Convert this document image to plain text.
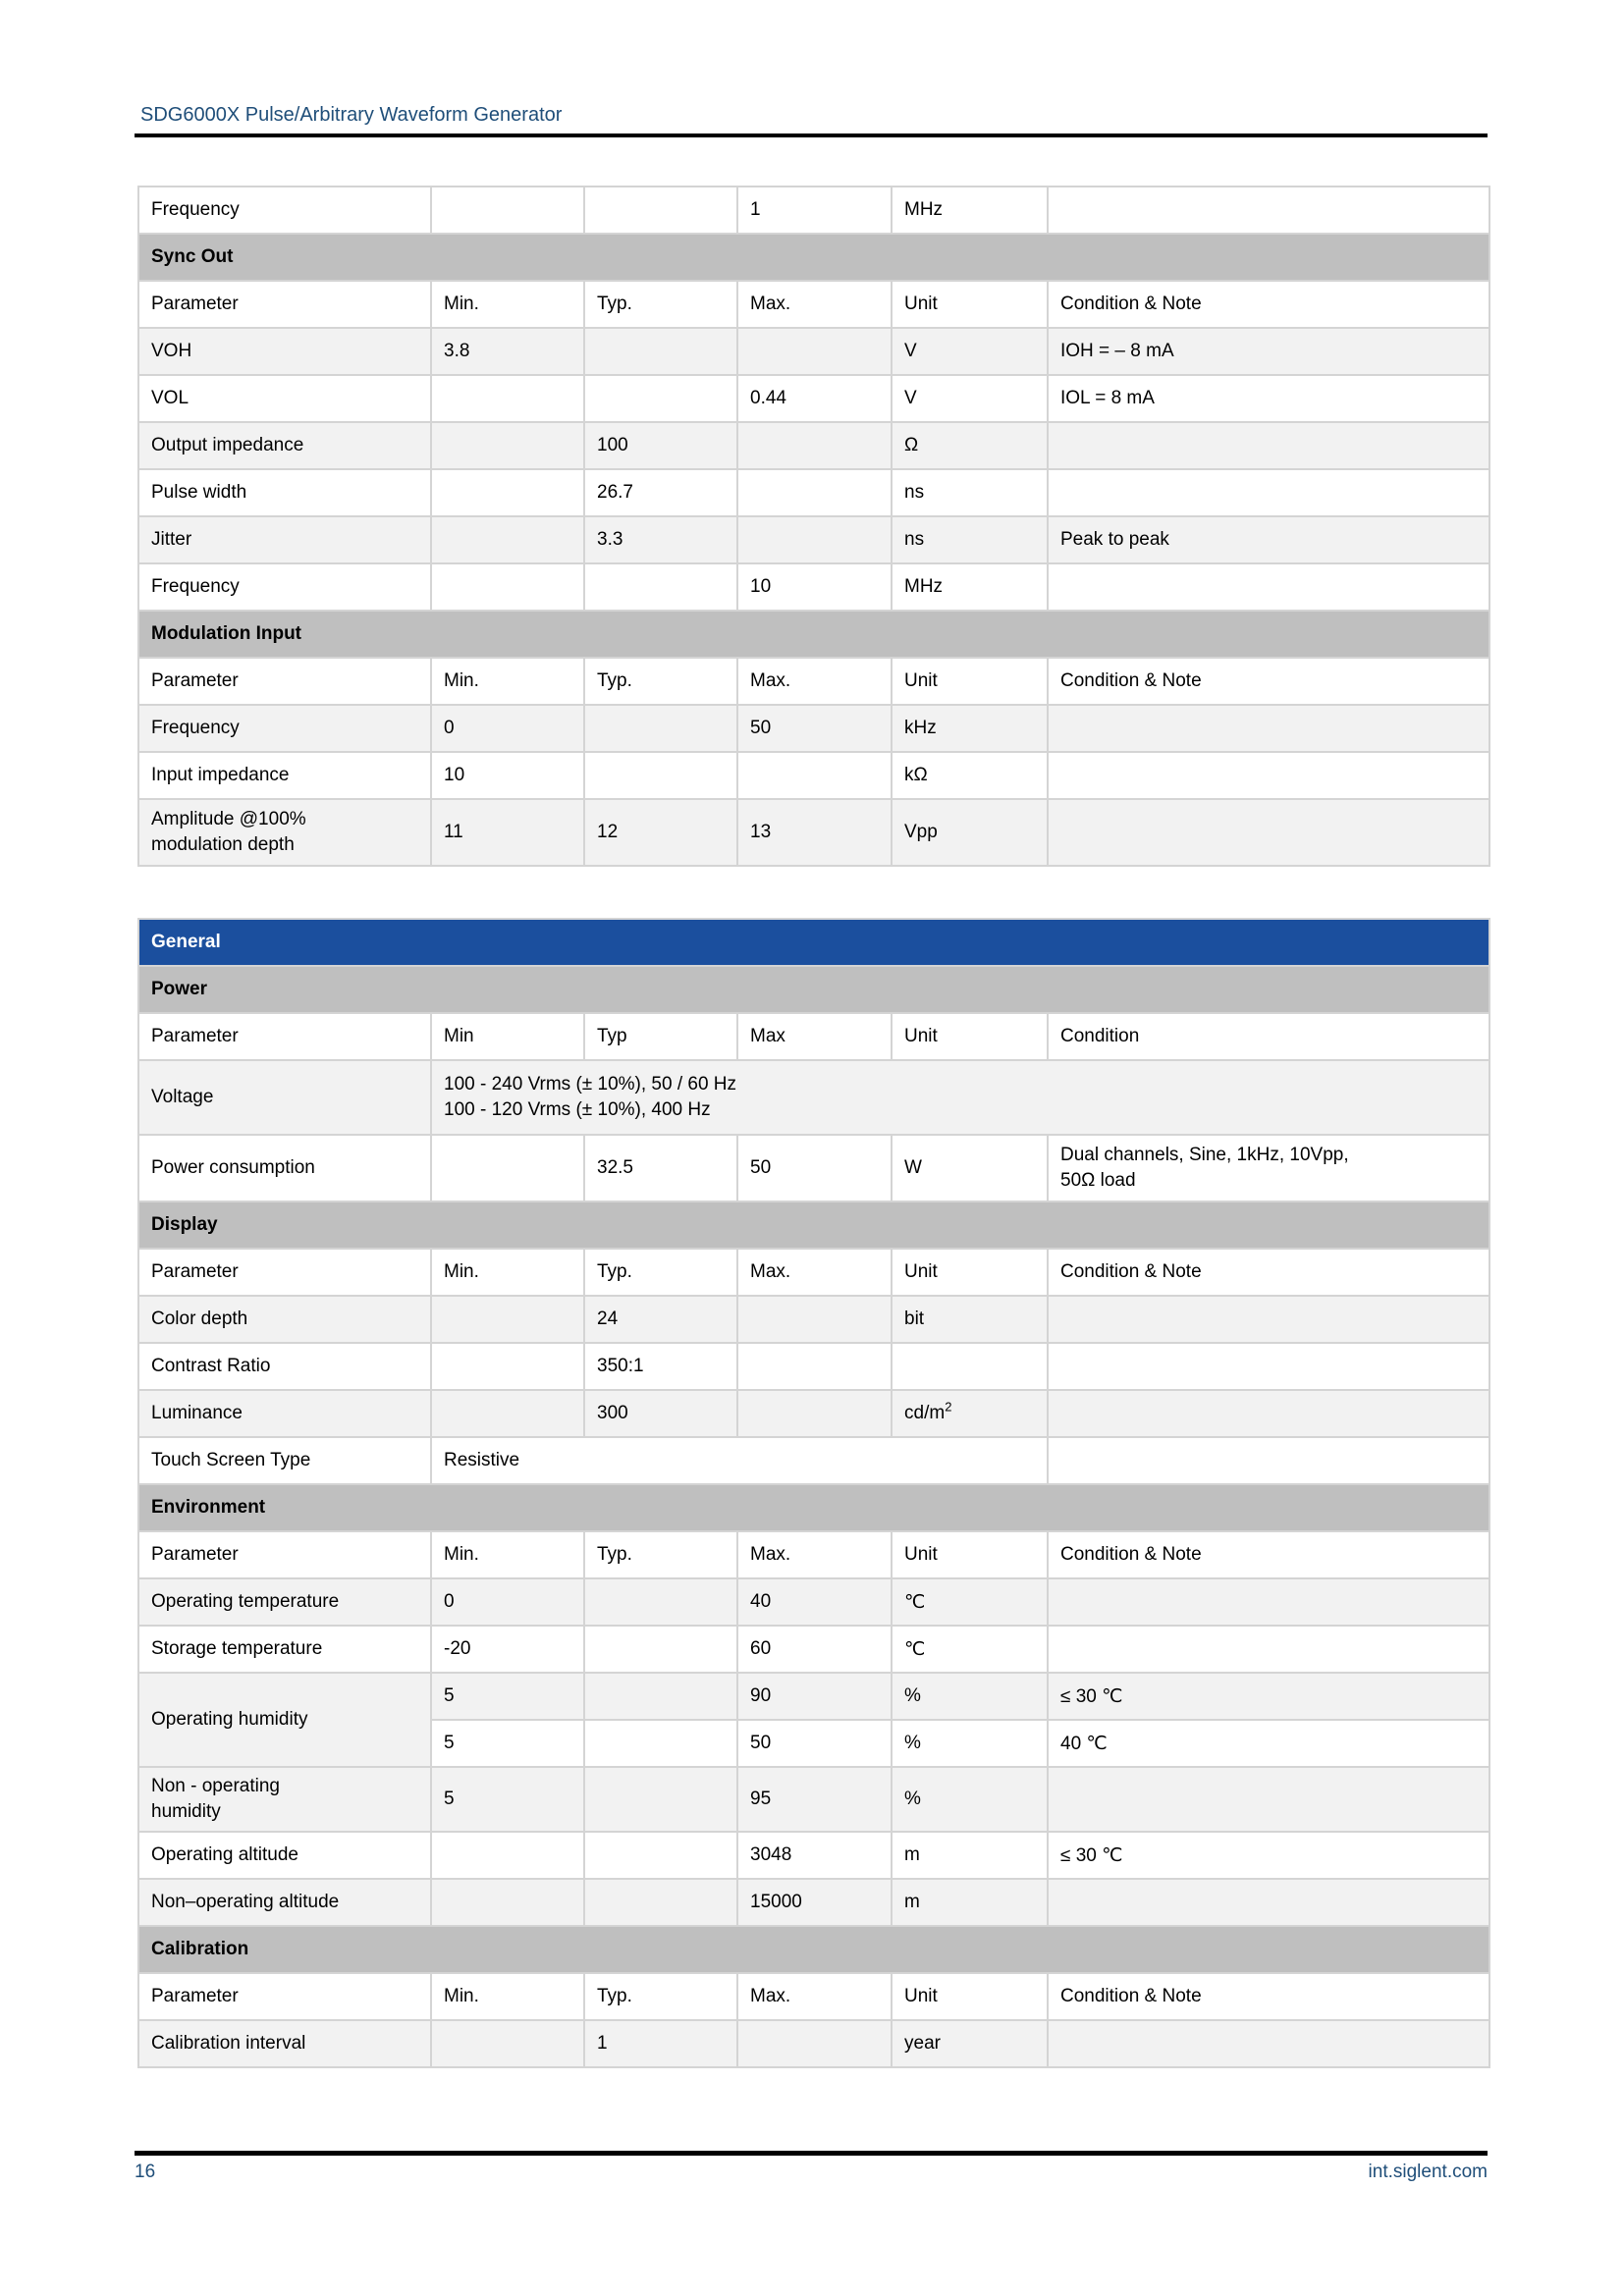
SDG6000X Pulse/Arbitrary Waveform Generator
Frequency			1	MHz	
Sync Out					
Parameter	Min.	Typ.	Max.	Unit	Condition & Note
VOH	3.8			V	IOH = – 8 mA
VOL			0.44	V	IOL = 8 mA
Output impedance		100		Ω	
Pulse width		26.7		ns	
Jitter		3.3		ns	Peak to peak
Frequency			10	MHz	
Modulation Input					
Parameter	Min.	Typ.	Max.	Unit	Condition & Note
Frequency	0		50	kHz	
Input impedance	10			kΩ	

Amplitude @100%
modulation depth	11	12	13	Vpp	
General					
Power					
Parameter	Min	Typ	Max	Unit	Condition
Voltage	100 - 240 Vrms (± 10%), 50 / 60 Hz
100 - 120 Vrms (± 10%), 400 Hz				

Power consumption		32.5	50	W	Dual channels, Sine, 1kHz, 10Vpp,
50Ω load

Display					
Parameter	Min.	Typ.	Max.	Unit	Condition & Note
Color depth		24		bit	
Contrast Ratio		350:1			
Luminance		300		$cd/m^2$	
Touch Screen Type	Resistive				
Environment					
Parameter	Min.	Typ.	Max.	Unit	Condition & Note
Operating temperature	0		40	℃	
Storage temperature	-20		60	℃	
Operating humidity	5		90	%	≤ 30 ℃
	5		50	%	40 ℃

Non - operating
humidity	5		95	%	
Operating altitude			3048	m	≤ 30 ℃
Non–operating altitude			15000	m	
Calibration					
Parameter	Min.	Typ.	Max.	Unit	Condition & Note
Calibration interval		1		year	
16	int.siglent.com
